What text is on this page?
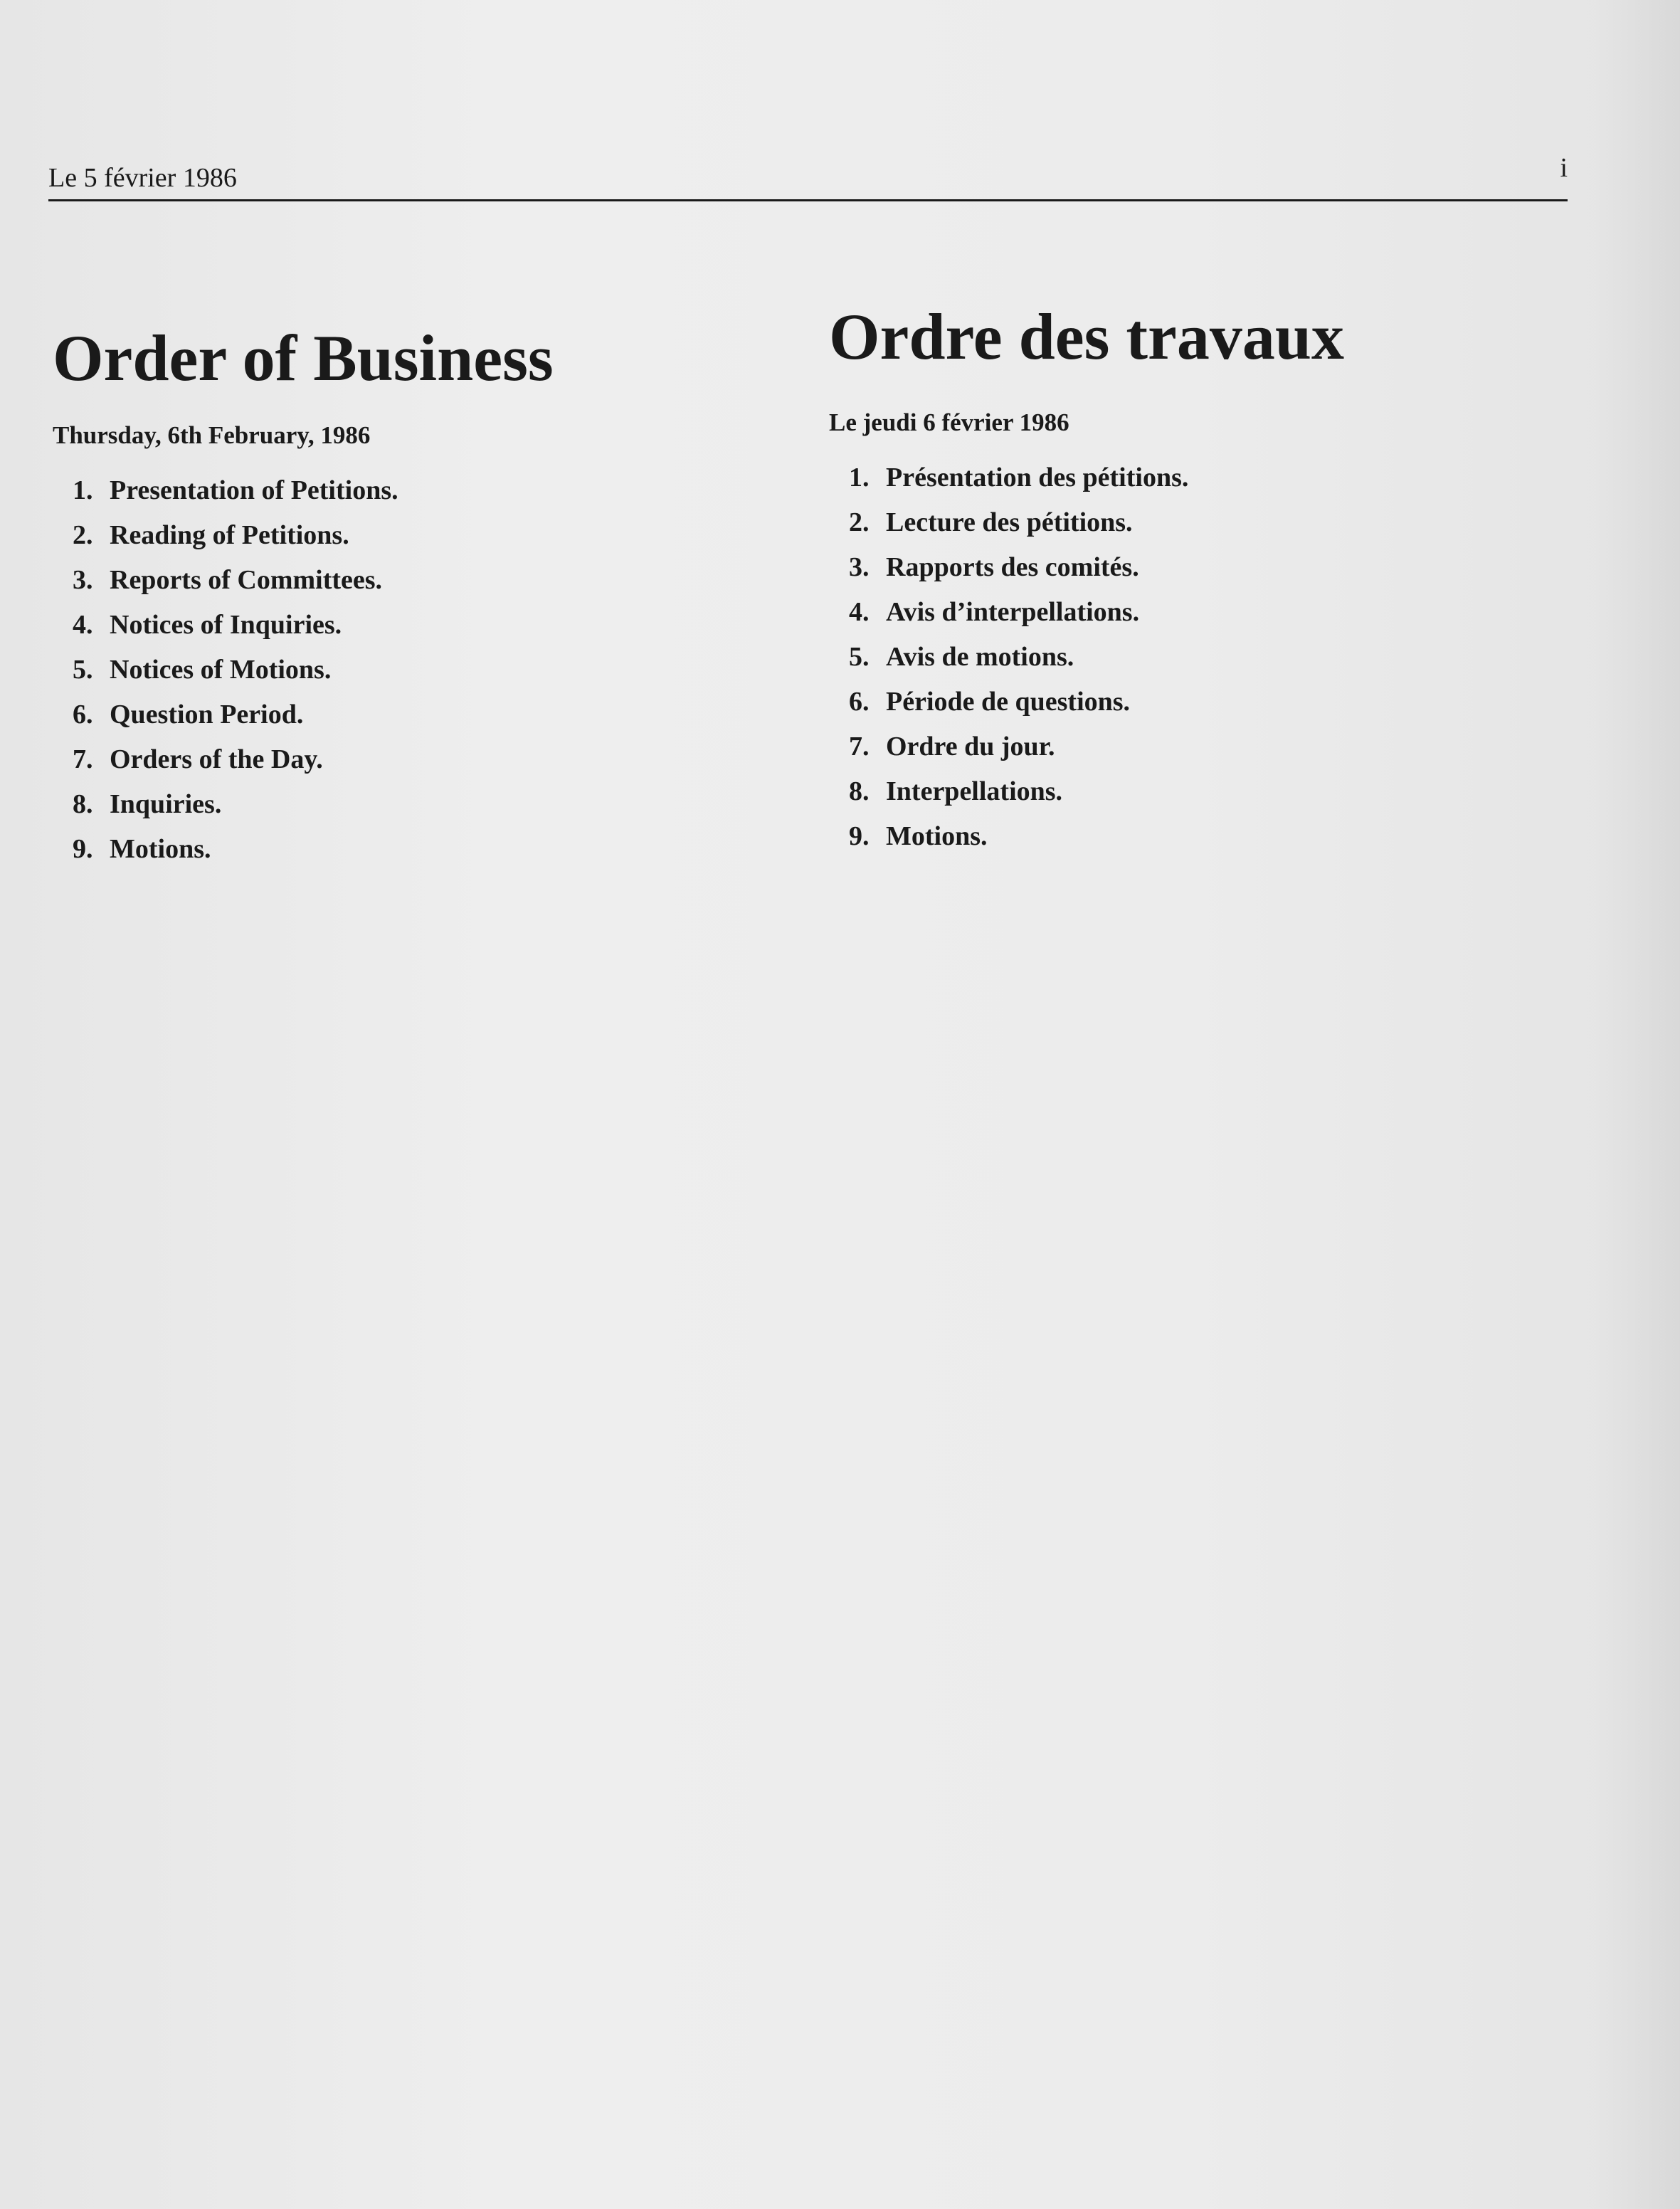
Le 5 février 1986	i
Order of Business

Thursday, 6th February, 1986

1. Presentation of Petitions.
2. Reading of Petitions.
3. Reports of Committees.
4. Notices of Inquiries.
5. Notices of Motions.
6. Question Period.
7. Orders of the Day.
8. Inquiries.
9. Motions.
Ordre des travaux

Le jeudi 6 février 1986

1. Présentation des pétitions.
2. Lecture des pétitions.
3. Rapports des comités.
4. Avis d’interpellations.
5. Avis de motions.
6. Période de questions.
7. Ordre du jour.
8. Interpellations.
9. Motions.
